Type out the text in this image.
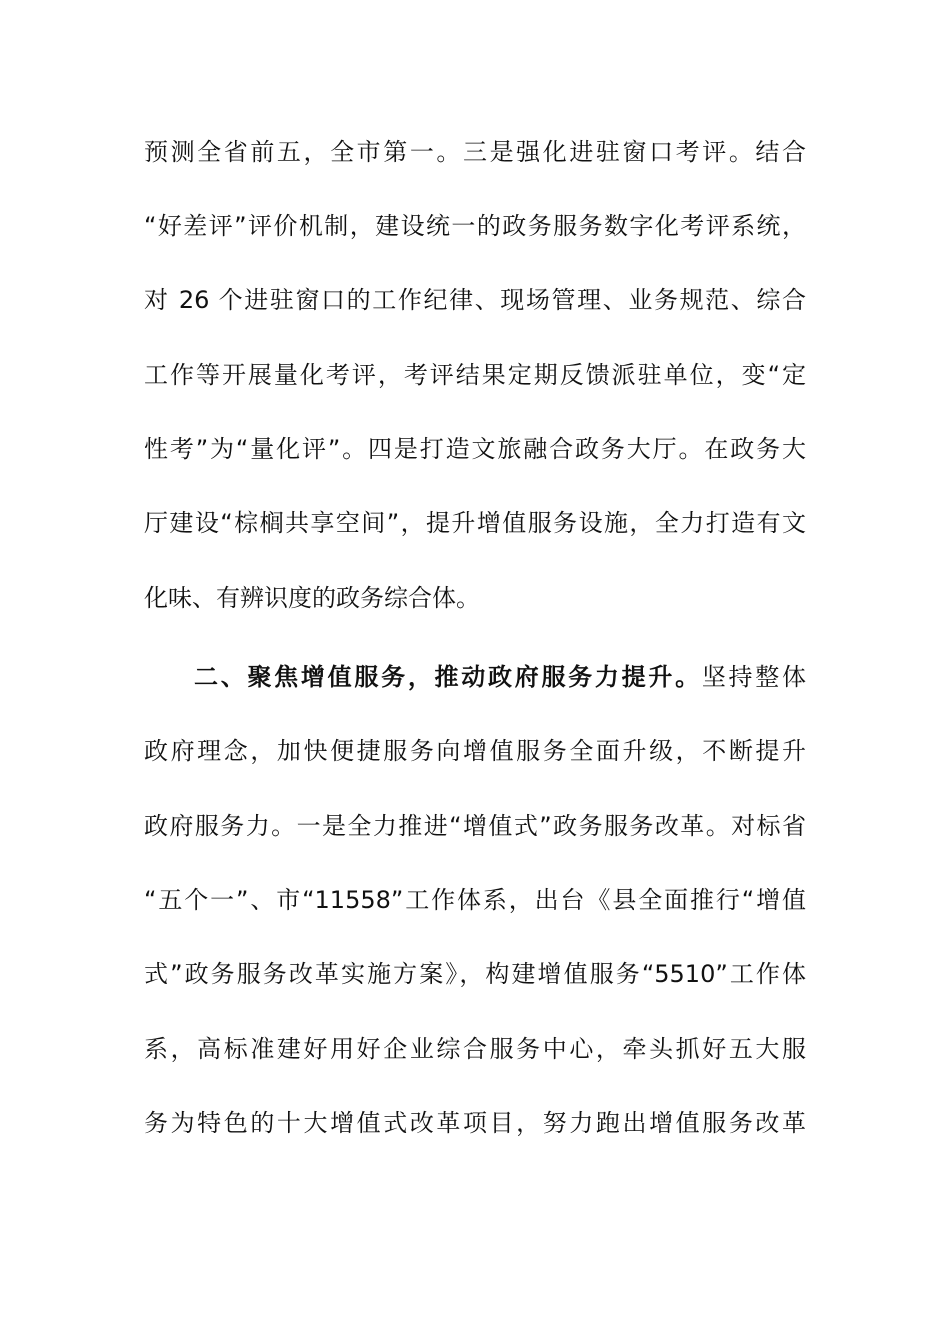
预测全省前五，全市第一。三是强化进驻窗口考评。结合
“好差评”评价机制，建设统一的政务服务数字化考评系统，
对 26 个进驻窗口的工作纪律、现场管理、业务规范、综合
工作等开展量化考评，考评结果定期反馈派驻单位，变“定
性考”为“量化评”。四是打造文旅融合政务大厅。在政务大
厅建设“棕榈共享空间”，提升增值服务设施，全力打造有文
化味、有辨识度的政务综合体。
二、聚焦增值服务，推动政府服务力提升。坚持整体
政府理念，加快便捷服务向增值服务全面升级，不断提升
政府服务力。一是全力推进“增值式”政务服务改革。对标省
“五个一”、市“11558”工作体系，出台《县全面推行“增值
式”政务服务改革实施方案》，构建增值服务“5510”工作体
系，高标准建好用好企业综合服务中心，牵头抓好五大服
务为特色的十大增值式改革项目，努力跑出增值服务改革
